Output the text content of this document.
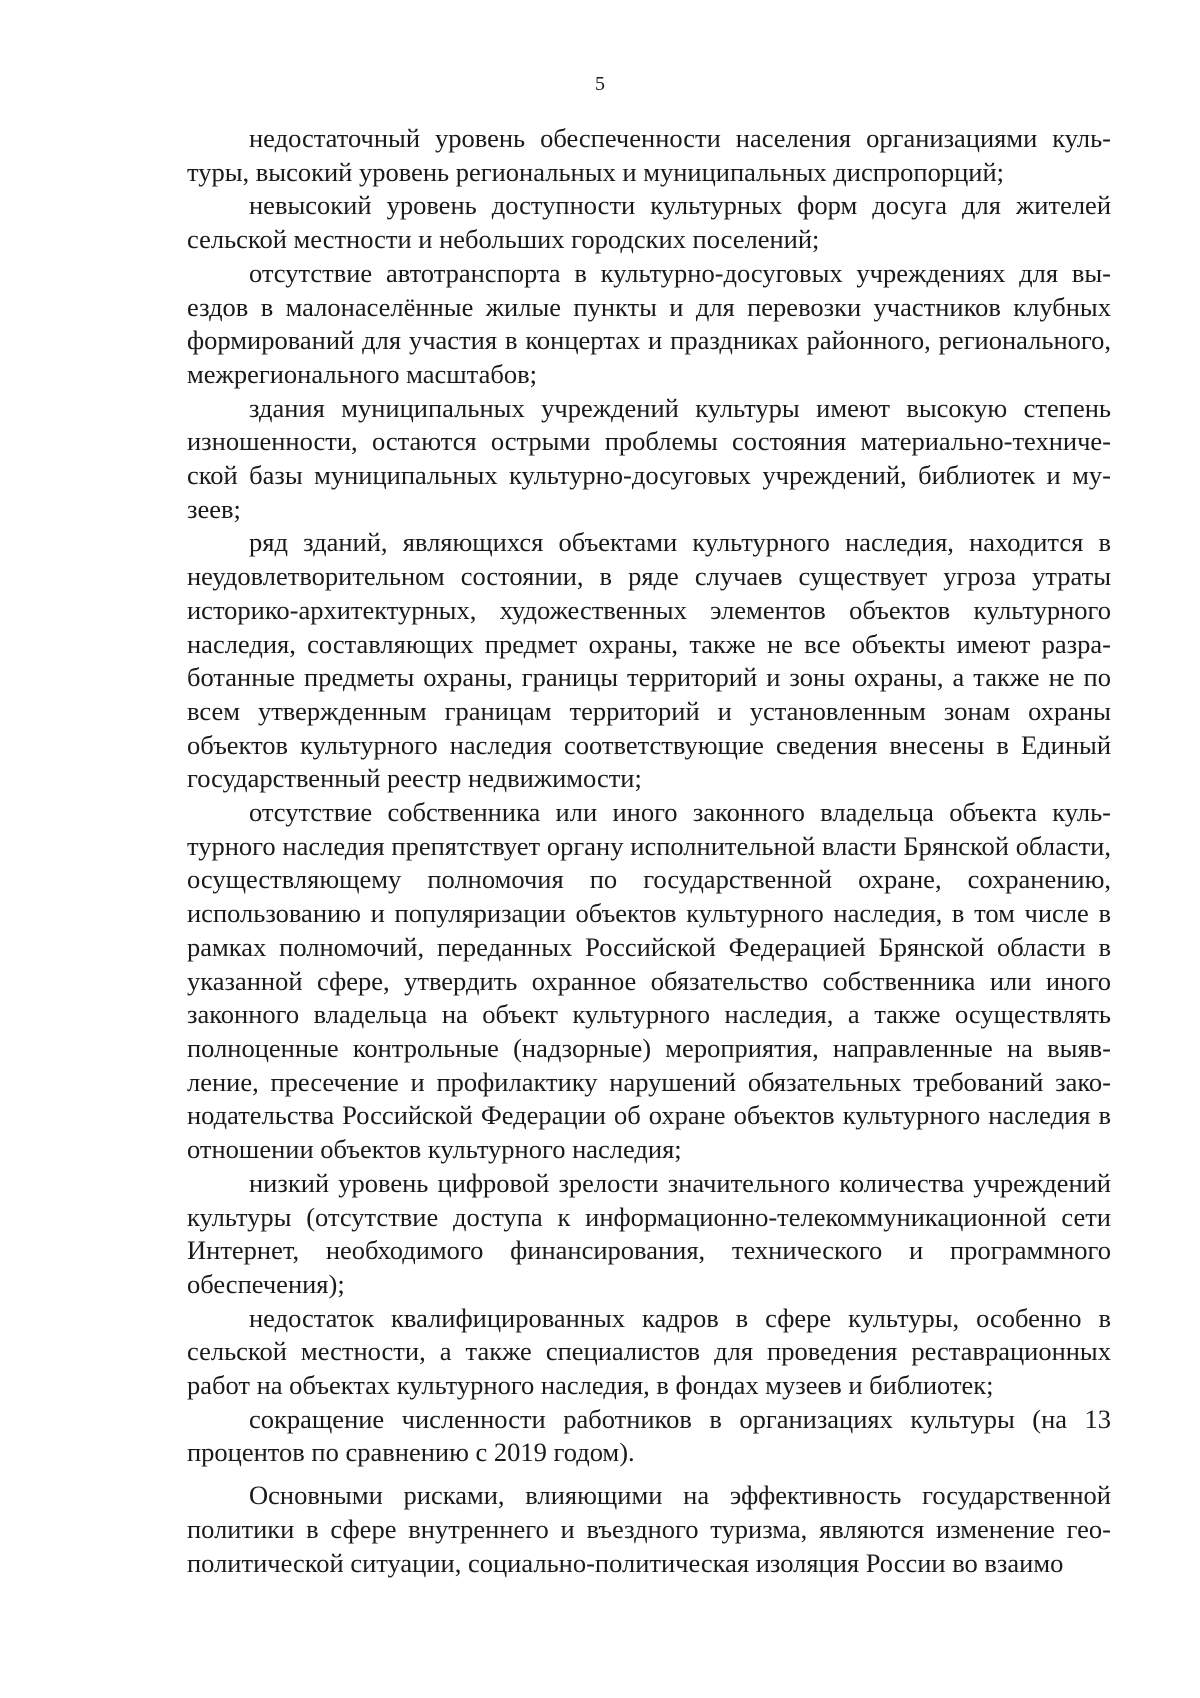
5

недостаточный уровень обеспеченности населения организациями культуры, высокий уровень региональных и муниципальных диспропорций;

невысокий уровень доступности культурных форм досуга для жителей сельской местности и небольших городских поселений;

отсутствие автотранспорта в культурно-досуговых учреждениях для выездов в малонаселённые жилые пункты и для перевозки участников клубных формирований для участия в концертах и праздниках районного, регионального, межрегионального масштабов;

здания муниципальных учреждений культуры имеют высокую степень изношенности, остаются острыми проблемы состояния материально-технической базы муниципальных культурно-досуговых учреждений, библиотек и музеев;

ряд зданий, являющихся объектами культурного наследия, находится в неудовлетворительном состоянии, в ряде случаев существует угроза утраты историко-архитектурных, художественных элементов объектов культурного наследия, составляющих предмет охраны, также не все объекты имеют разработанные предметы охраны, границы территорий и зоны охраны, а также не по всем утвержденным границам территорий и установленным зонам охраны объектов культурного наследия соответствующие сведения внесены в Единый государственный реестр недвижимости;

отсутствие собственника или иного законного владельца объекта культурного наследия препятствует органу исполнительной власти Брянской области, осуществляющему полномочия по государственной охране, сохранению, использованию и популяризации объектов культурного наследия, в том числе в рамках полномочий, переданных Российской Федерацией Брянской области в указанной сфере, утвердить охранное обязательство собственника или иного законного владельца на объект культурного наследия, а также осуществлять полноценные контрольные (надзорные) мероприятия, направленные на выявление, пресечение и профилактику нарушений обязательных требований законодательства Российской Федерации об охране объектов культурного наследия в отношении объектов культурного наследия;

низкий уровень цифровой зрелости значительного количества учреждений культуры (отсутствие доступа к информационно-телекоммуникационной сети Интернет, необходимого финансирования, технического и программного обеспечения);

недостаток квалифицированных кадров в сфере культуры, особенно в сельской местности, а также специалистов для проведения реставрационных работ на объектах культурного наследия, в фондах музеев и библиотек;

сокращение численности работников в организациях культуры (на 13 процентов по сравнению с 2019 годом).

Основными рисками, влияющими на эффективность государственной политики в сфере внутреннего и въездного туризма, являются изменение геополитической ситуации, социально-политическая изоляция России во взаимо
